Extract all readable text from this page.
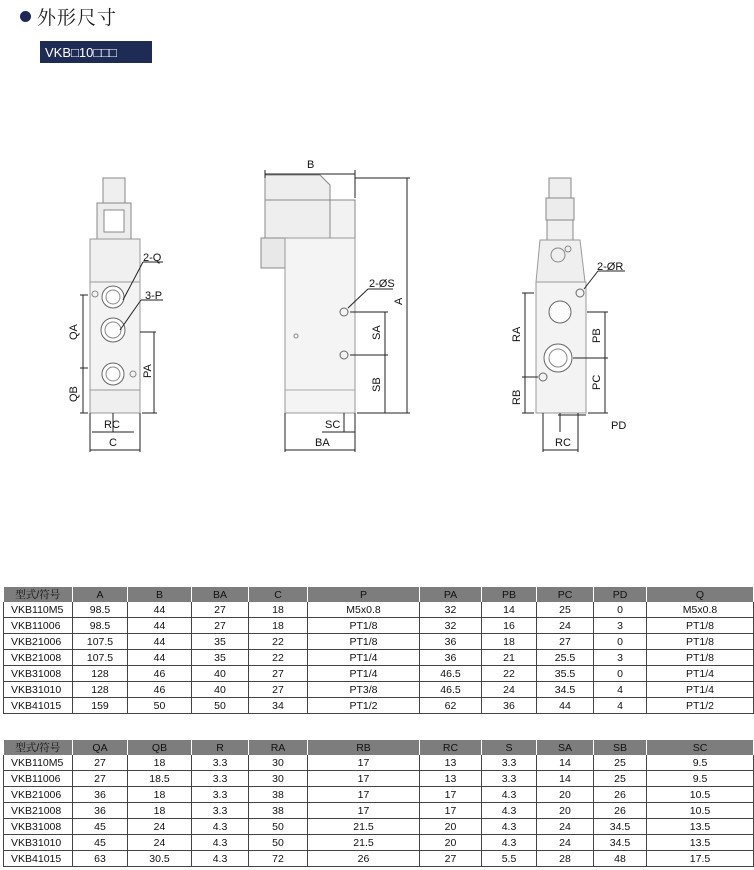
外形尺寸
VKB□10□□□
2-Q
3-P
QA
QB
PA
RC
C
B
2-ØS
A
SA
SB
SC
BA
2-ØR
RA	PB
PC
RB
PD
RC
型式/符号	A	B	BA	C	P	PA	PB	PC	PD	Q
VKB110M5	98.5	44	27	18	M5x0.8	32	14	25	0	M5x0.8
VKB11006	98.5	44	27	18	PT1/8	32	16	24	3	PT1/8
VKB21006	107.5	44	35	22	PT1/8	36	18	27	0	PT1/8
VKB21008	107.5	44	35	22	PT1/4	36	21	25.5	3	PT1/8
VKB31008	128	46	40	27	PT1/4	46.5	22	35.5	0	PT1/4
VKB31010	128	46	40	27	PT3/8	46.5	24	34.5	4	PT1/4
VKB41015	159	50	50	34	PT1/2	62	36	44	4	PT1/2
型式/符号	QA	QB	R	RA	RB	RC	S	SA	SB	SC
VKB110M5	27	18	3.3	30	17	13	3.3	14	25	9.5
VKB11006	27	18.5	3.3	30	17	13	3.3	14	25	9.5
VKB21006	36	18	3.3	38	17	17	4.3	20	26	10.5
VKB21008	36	18	3.3	38	17	17	4.3	20	26	10.5
VKB31008	45	24	4.3	50	21.5	20	4.3	24	34.5	13.5
VKB31010	45	24	4.3	50	21.5	20	4.3	24	34.5	13.5
VKB41015	63	30.5	4.3	72	26	27	5.5	28	48	17.5
